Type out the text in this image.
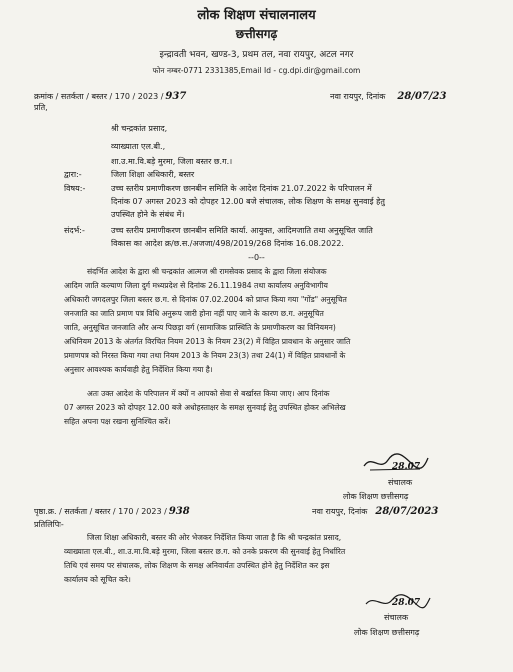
लोक शिक्षण संचालनालय
छत्तीसगढ़
इन्द्रावती भवन, खण्ड-3, प्रथम तल, नवा रायपुर, अटल नगर
फोन नम्बर-0771 2331385,Email Id - cg.dpi.dir@gmail.com
क्रमांक / सतर्कता / बस्तर / 170 / 2023 / 937	नवा रायपुर, दिनांक 28/07/23
प्रति,
श्री चन्द्रकांत प्रसाद,
व्याख्याता एल.बी.,
शा.उ.मा.वि.बड़े मुरमा, जिला बस्तर छ.ग.।
द्वारा:-	जिला शिक्षा अधिकारी, बस्तर
विषय:-	उच्च स्तरीय प्रमाणीकरण छानबीन समिति के आदेश दिनांक 21.07.2022 के परिपालन में
दिनांक 07 अगस्त 2023 को दोपहर 12.00 बजे संचालक, लोक शिक्षण के समक्ष सुनवाई हेतु
उपस्थित होने के संबंध में।
संदर्भ:-	उच्च स्तरीय प्रमाणीकरण छानबीन समिति कार्या. आयुक्त, आदिमजाति तथा अनुसूचित जाति
विकास का आदेश क्र/छ.स./अजजा/498/2019/268 दिनांक 16.08.2022.
--0--
संदर्भित आदेश के द्वारा श्री चन्द्रकांत आत्मज श्री रामसेवक प्रसाद के द्वारा जिला संयोजक
आदिम जाति कल्याण जिला दुर्ग मध्यप्रदेश से दिनांक 26.11.1984 तथा कार्यालय अनुविभागीय
अधिकारी जगदलपुर जिला बस्तर छ.ग. से दिनांक 07.02.2004 को प्राप्त किया गया "गोंड" अनुसूचित
जनजाति का जाति प्रमाण पत्र विधि अनुरूप जारी होना नहीं पाए जाने के कारण छ.ग. अनुसूचित
जाति, अनुसूचित जनजाति और अन्य पिछड़ा वर्ग (सामाजिक प्रास्थिति के प्रमाणीकरण का विनियमन)
अधिनियम 2013 के अंतर्गत विरचित नियम 2013 के नियम 23(2) में विहित प्रावधान के अनुसार जाति
प्रमाणपत्र को निरस्त किया गया तथा नियम 2013 के नियम 23(3) तथा 24(1) में विहित प्रावधानों के
अनुसार आवश्यक कार्यवाही हेतु निर्देशित किया गया है।
अतः उक्त आदेश के परिपालन में क्यों न आपको सेवा से बर्खास्त किया जाए। आप दिनांक
07 अगस्त 2023 को दोपहर 12.00 बजे अधोहस्ताक्षर के समक्ष सुनवाई हेतु उपस्थित होकर अभिलेख
सहित अपना पक्ष रखना सुनिश्चित करें।
28.07
संचालक
लोक शिक्षण छत्तीसगढ़
पृष्ठा.क्र. / सतर्कता / बस्तर / 170 / 2023 / 938	नवा रायपुर, दिनांक 28/07/2023
प्रतिलिपिः-
जिला शिक्षा अधिकारी, बस्तर की ओर भेजकर निर्देशित किया जाता है कि श्री चन्द्रकांत प्रसाद,
व्याख्याता एल.बी., शा.उ.मा.वि.बड़े मुरमा, जिला बस्तर छ.ग. को उनके प्रकरण की सुनवाई हेतु निर्धारित
तिथि एवं समय पर संचालक, लोक शिक्षण के समक्ष अनिवार्यतः उपस्थित होने हेतु निर्देशित कर इस
कार्यालय को सूचित करे।
28.07
संचालक
लोक शिक्षण छत्तीसगढ़
